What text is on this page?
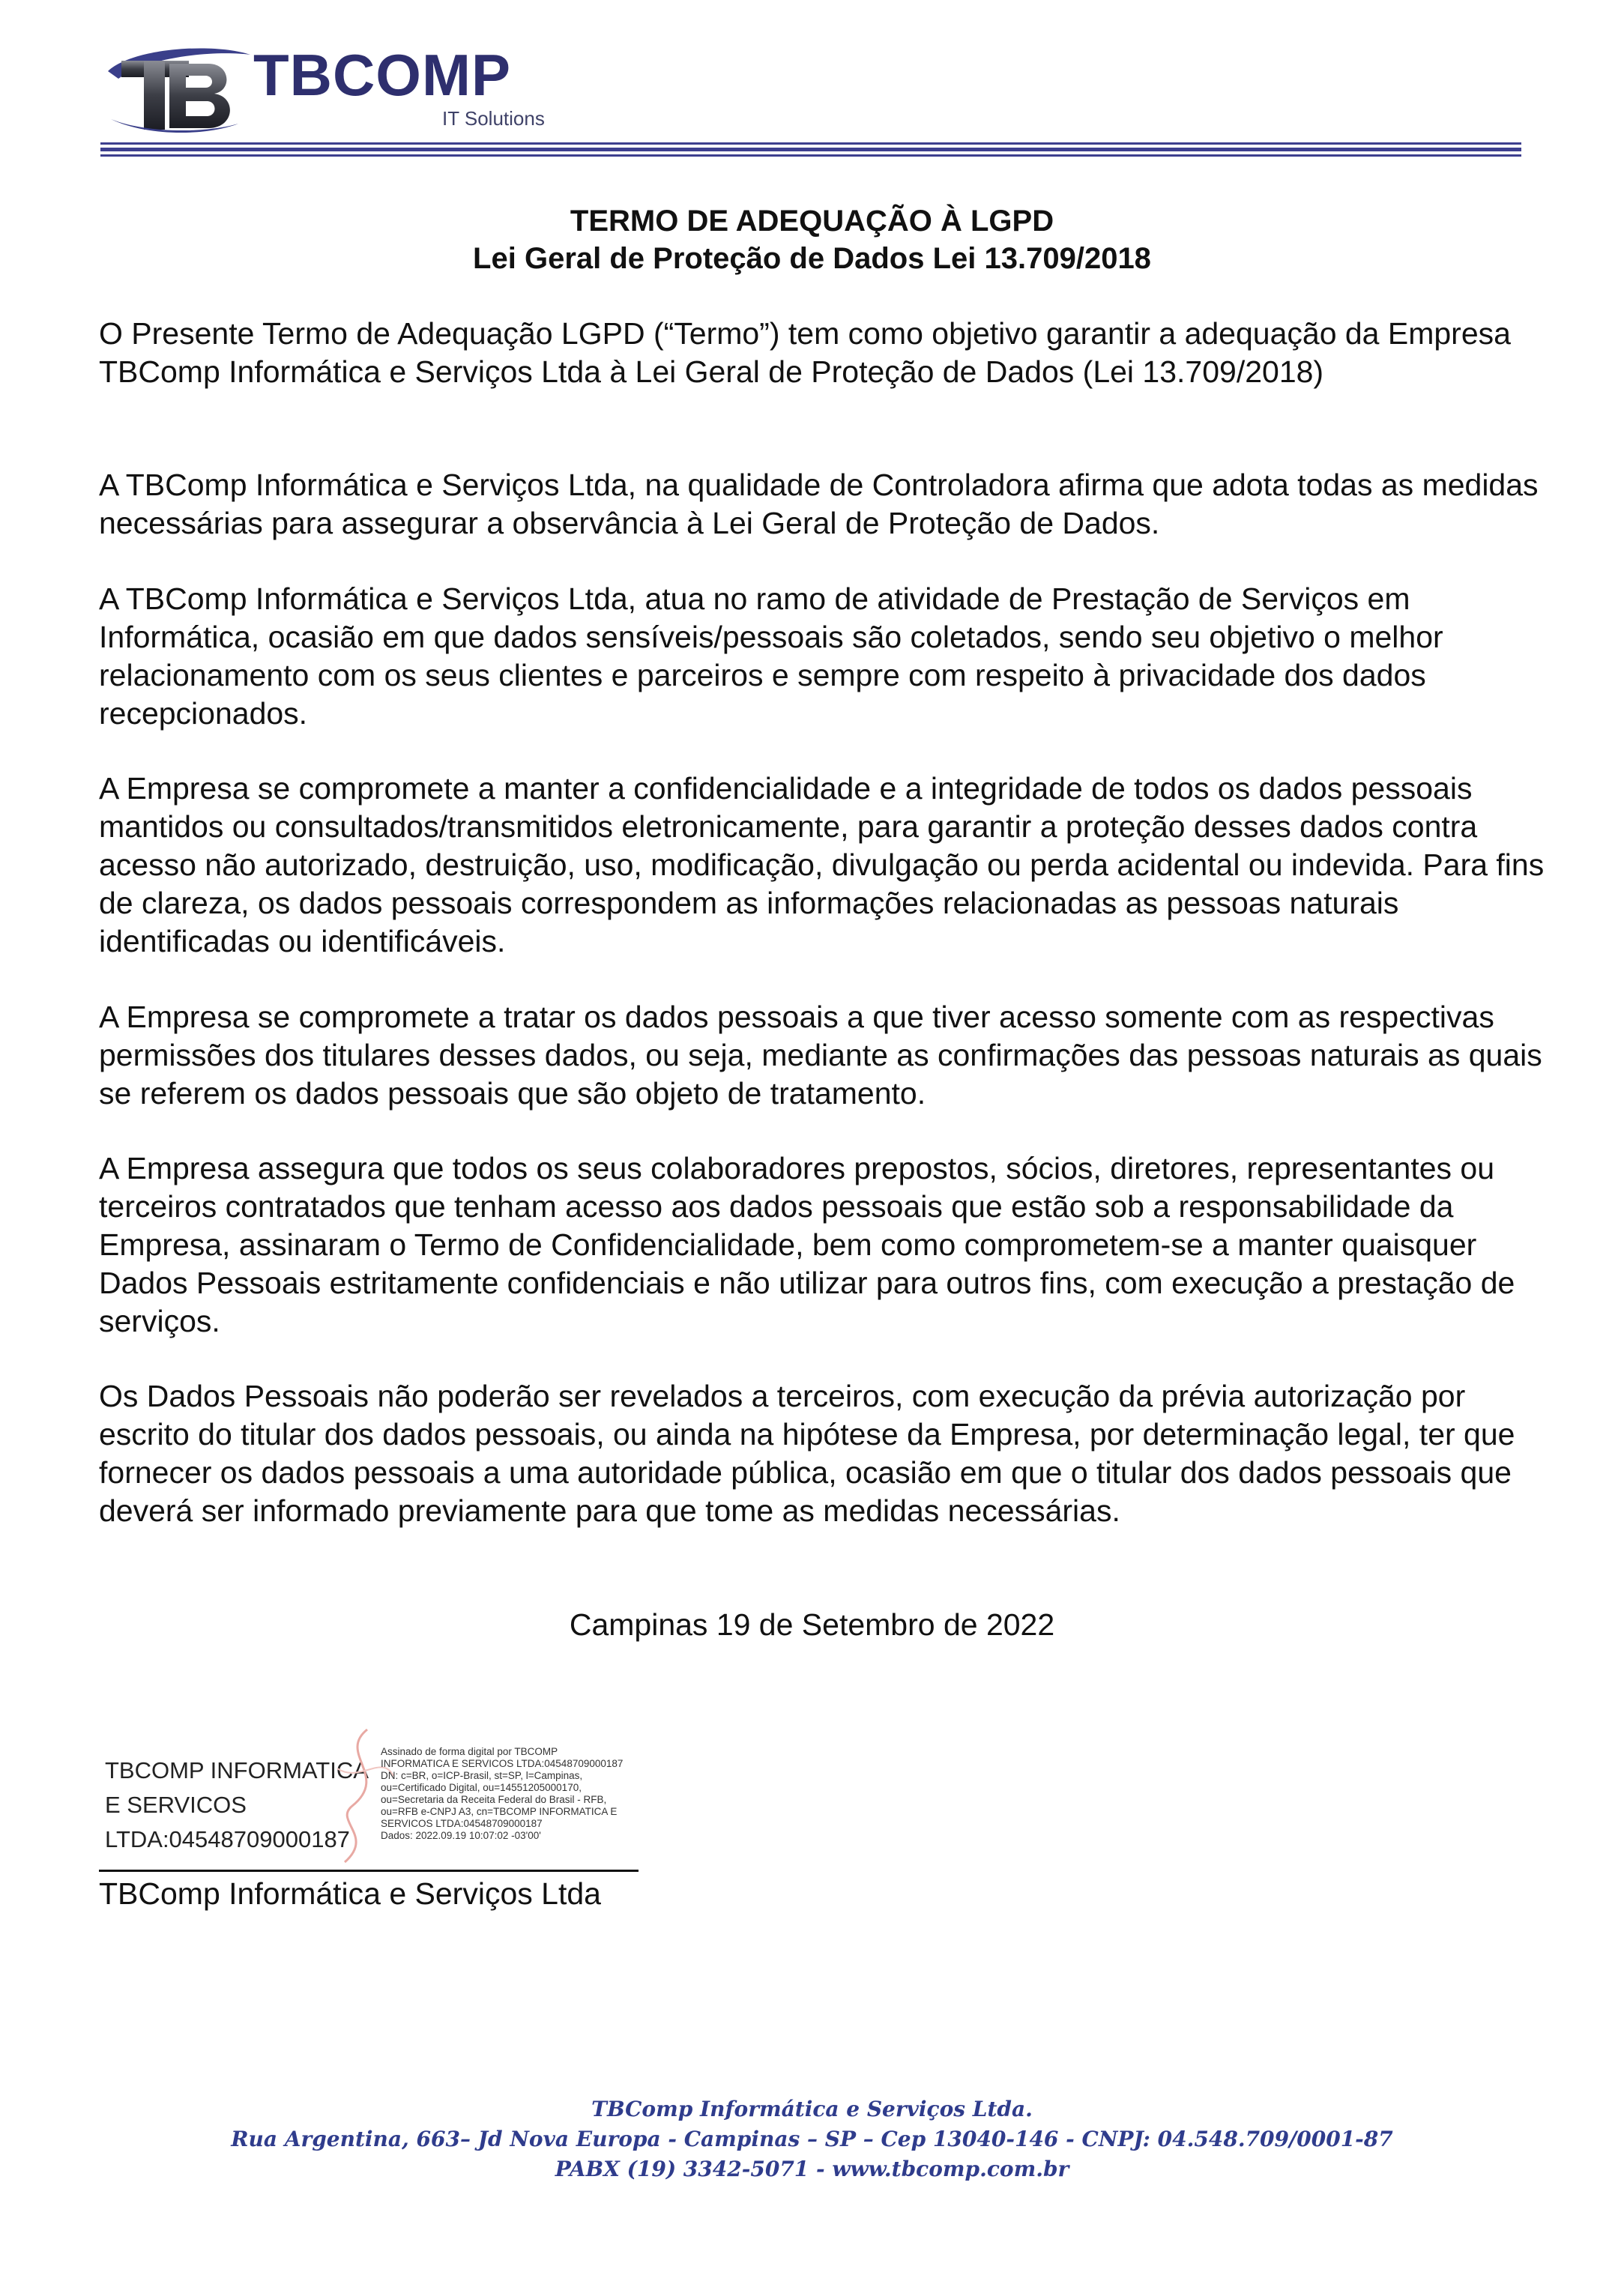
TBCOMP
IT Solutions
TERMO DE ADEQUAÇÃO À LGPD
Lei Geral de Proteção de Dados Lei 13.709/2018

O Presente Termo de Adequação LGPD (“Termo”) tem como objetivo garantir a adequação da Empresa TBComp Informática e Serviços Ltda à Lei Geral de Proteção de Dados (Lei 13.709/2018)

A TBComp Informática e Serviços Ltda, na qualidade de Controladora afirma que adota todas as medidas necessárias para assegurar a observância à Lei Geral de Proteção de Dados.

A TBComp Informática e Serviços Ltda, atua no ramo de atividade de Prestação de Serviços em Informática, ocasião em que dados sensíveis/pessoais são coletados, sendo seu objetivo o melhor relacionamento com os seus clientes e parceiros e sempre com respeito à privacidade dos dados recepcionados.

A Empresa se compromete a manter a confidencialidade e a integridade de todos os dados pessoais mantidos ou consultados/transmitidos eletronicamente, para garantir a proteção desses dados contra acesso não autorizado, destruição, uso, modificação, divulgação ou perda acidental ou indevida. Para fins de clareza, os dados pessoais correspondem as informações relacionadas as pessoas naturais identificadas ou identificáveis.

A Empresa se compromete a tratar os dados pessoais a que tiver acesso somente com as respectivas permissões dos titulares desses dados, ou seja, mediante as confirmações das pessoas naturais as quais se referem os dados pessoais que são objeto de tratamento.

A Empresa assegura que todos os seus colaboradores prepostos, sócios, diretores, representantes ou terceiros contratados que tenham acesso aos dados pessoais que estão sob a responsabilidade da Empresa, assinaram o Termo de Confidencialidade, bem como comprometem-se a manter quaisquer Dados Pessoais estritamente confidenciais e não utilizar para outros fins, com execução a prestação de serviços.

Os Dados Pessoais não poderão ser revelados a terceiros, com execução da prévia autorização por escrito do titular dos dados pessoais, ou ainda na hipótese da Empresa, por determinação legal, ter que fornecer os dados pessoais a uma autoridade pública, ocasião em que o titular dos dados pessoais que deverá ser informado previamente para que tome as medidas necessárias.

Campinas 19 de Setembro de 2022
TBCOMP INFORMATICA
E SERVICOS
LTDA:04548709000187
Assinado de forma digital por TBCOMP
INFORMATICA E SERVICOS LTDA:04548709000187
DN: c=BR, o=ICP-Brasil, st=SP, l=Campinas,
ou=Certificado Digital, ou=14551205000170,
ou=Secretaria da Receita Federal do Brasil - RFB,
ou=RFB e-CNPJ A3, cn=TBCOMP INFORMATICA E
SERVICOS LTDA:04548709000187
Dados: 2022.09.19 10:07:02 -03'00'
TBComp Informática e Serviços Ltda
TBComp Informática e Serviços Ltda.
Rua Argentina, 663– Jd Nova Europa - Campinas – SP – Cep 13040-146 - CNPJ: 04.548.709/0001-87
PABX (19) 3342-5071 - www.tbcomp.com.br
